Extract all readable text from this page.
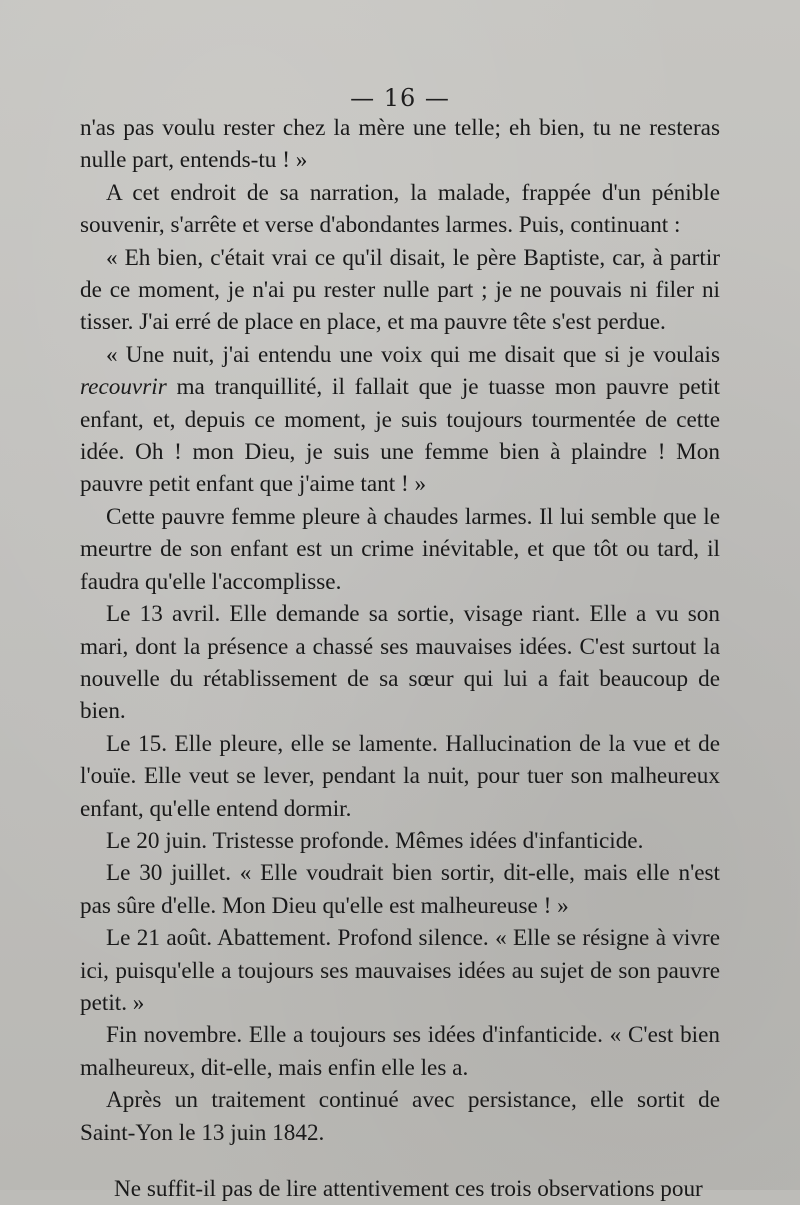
— 16 —

n'as pas voulu rester chez la mère une telle; eh bien, tu ne resteras nulle part, entends-tu ! »

A cet endroit de sa narration, la malade, frappée d'un pénible souvenir, s'arrête et verse d'abondantes larmes. Puis, continuant :

« Eh bien, c'était vrai ce qu'il disait, le père Baptiste, car, à partir de ce moment, je n'ai pu rester nulle part ; je ne pouvais ni filer ni tisser. J'ai erré de place en place, et ma pauvre tête s'est perdue.

« Une nuit, j'ai entendu une voix qui me disait que si je voulais recouvrir ma tranquillité, il fallait que je tuasse mon pauvre petit enfant, et, depuis ce moment, je suis toujours tourmentée de cette idée. Oh ! mon Dieu, je suis une femme bien à plaindre ! Mon pauvre petit enfant que j'aime tant ! »

Cette pauvre femme pleure à chaudes larmes. Il lui semble que le meurtre de son enfant est un crime inévitable, et que tôt ou tard, il faudra qu'elle l'accomplisse.

Le 13 avril. Elle demande sa sortie, visage riant. Elle a vu son mari, dont la présence a chassé ses mauvaises idées. C'est surtout la nouvelle du rétablissement de sa sœur qui lui a fait beaucoup de bien.

Le 15. Elle pleure, elle se lamente. Hallucination de la vue et de l'ouïe. Elle veut se lever, pendant la nuit, pour tuer son malheureux enfant, qu'elle entend dormir.

Le 20 juin. Tristesse profonde. Mêmes idées d'infanticide.

Le 30 juillet. « Elle voudrait bien sortir, dit-elle, mais elle n'est pas sûre d'elle. Mon Dieu qu'elle est malheureuse ! »

Le 21 août. Abattement. Profond silence. « Elle se résigne à vivre ici, puisqu'elle a toujours ses mauvaises idées au sujet de son pauvre petit. »

Fin novembre. Elle a toujours ses idées d'infanticide. « C'est bien malheureux, dit-elle, mais enfin elle les a.

Après un traitement continué avec persistance, elle sortit de Saint-Yon le 13 juin 1842.

Ne suffit-il pas de lire attentivement ces trois observations pour
